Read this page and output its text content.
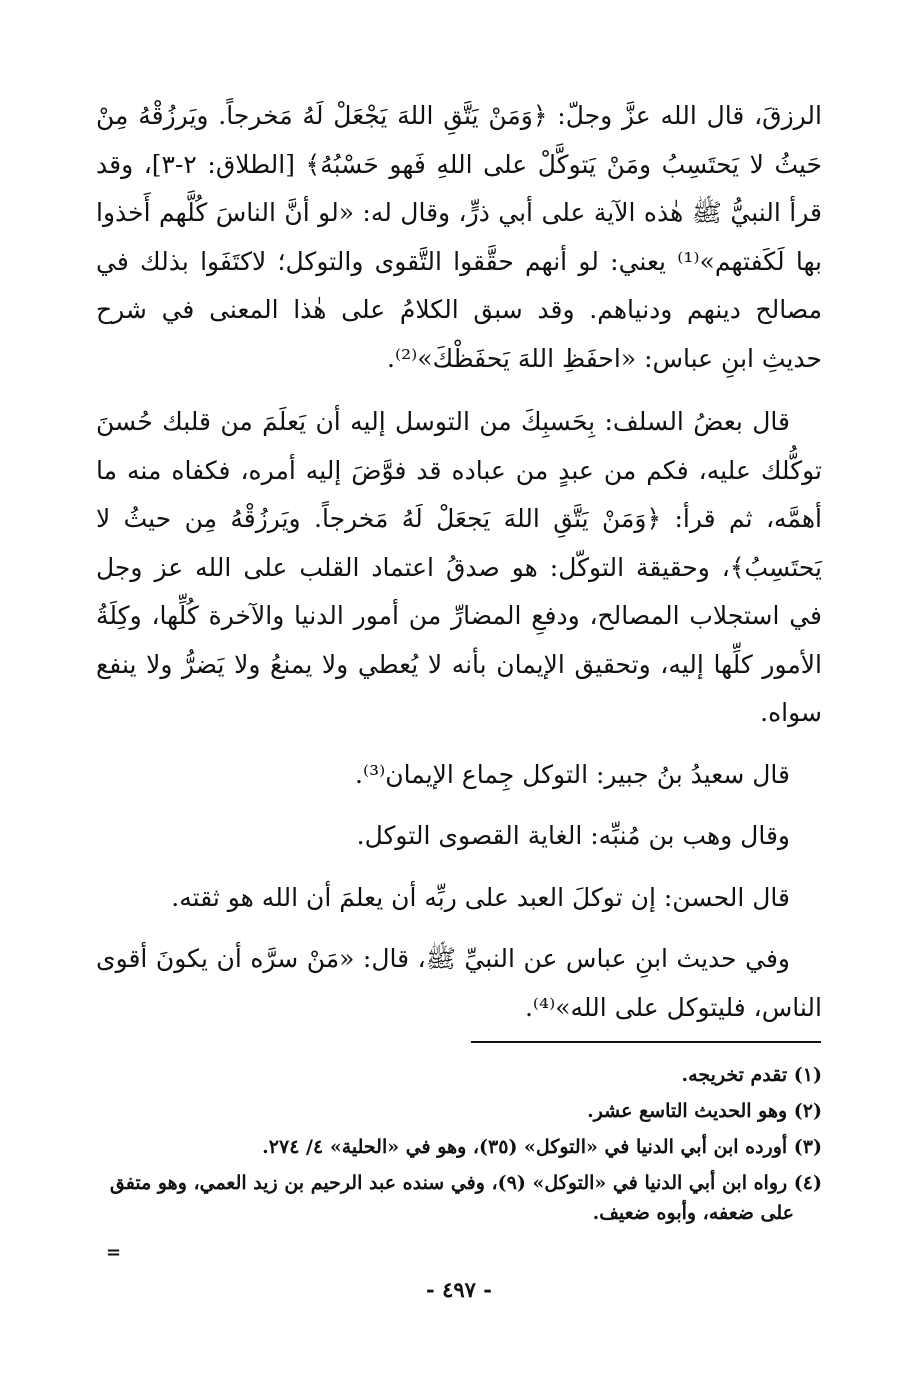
الرزقَ، قال الله عزَّ وجلّ: ﴿وَمَنْ يَتَّقِ اللهَ يَجْعَلْ لَهُ مَخرجاً. ويَرزُقْهُ مِنْ حَيثُ لا يَحتَسِبُ ومَنْ يَتوكَّلْ على اللهِ فَهو حَسْبُهُ﴾ [الطلاق: ٢-٣]، وقد قرأ النبيُّ ﷺ هٰذه الآية على أبي ذرٍّ، وقال له: «لو أنَّ الناسَ كُلَّهم أَخذوا بها لَكَفتهم»⁽¹⁾ يعني: لو أنهم حقَّقوا التَّقوى والتوكل؛ لاكتَفَوا بذلك في مصالح دينهم ودنياهم. وقد سبق الكلامُ على هٰذا المعنى في شرح حديثِ ابنِ عباس: «احفَظِ اللهَ يَحفَظْكَ»⁽²⁾.

قال بعضُ السلف: بِحَسبِكَ من التوسل إليه أن يَعلَمَ من قلبك حُسنَ توكُّلك عليه، فكم من عبدٍ من عباده قد فوَّضَ إليه أمره، فكفاه منه ما أهمَّه، ثم قرأ: ﴿وَمَنْ يَتَّقِ اللهَ يَجعَلْ لَهُ مَخرجاً. ويَرزُقْهُ مِن حيثُ لا يَحتَسِبُ﴾، وحقيقة التوكّل: هو صدقُ اعتماد القلب على الله عز وجل في استجلاب المصالح، ودفعِ المضارِّ من أمور الدنيا والآخرة كُلِّها، وكِلَةُ الأمور كلِّها إليه، وتحقيق الإيمان بأنه لا يُعطي ولا يمنعُ ولا يَضرُّ ولا ينفع سواه.

قال سعيدُ بنُ جبير: التوكل جِماع الإيمان⁽³⁾.

وقال وهب بن مُنبِّه: الغاية القصوى التوكل.

قال الحسن: إن توكلَ العبد على ربِّه أن يعلمَ أن الله هو ثقته.

وفي حديث ابنِ عباس عن النبيِّ ﷺ، قال: «مَنْ سرَّه أن يكونَ أقوى الناس، فليتوكل على الله»⁽⁴⁾.

(١) تقدم تخريجه.

(٢) وهو الحديث التاسع عشر.

(٣) أورده ابن أبي الدنيا في «التوكل» (٣٥)، وهو في «الحلية» ٤/ ٢٧٤.

(٤) رواه ابن أبي الدنيا في «التوكل» (٩)، وفي سنده عبد الرحيم بن زيد العمي، وهو متفق
على ضعفه، وأبوه ضعيف.

=
- ٤٩٧ -
